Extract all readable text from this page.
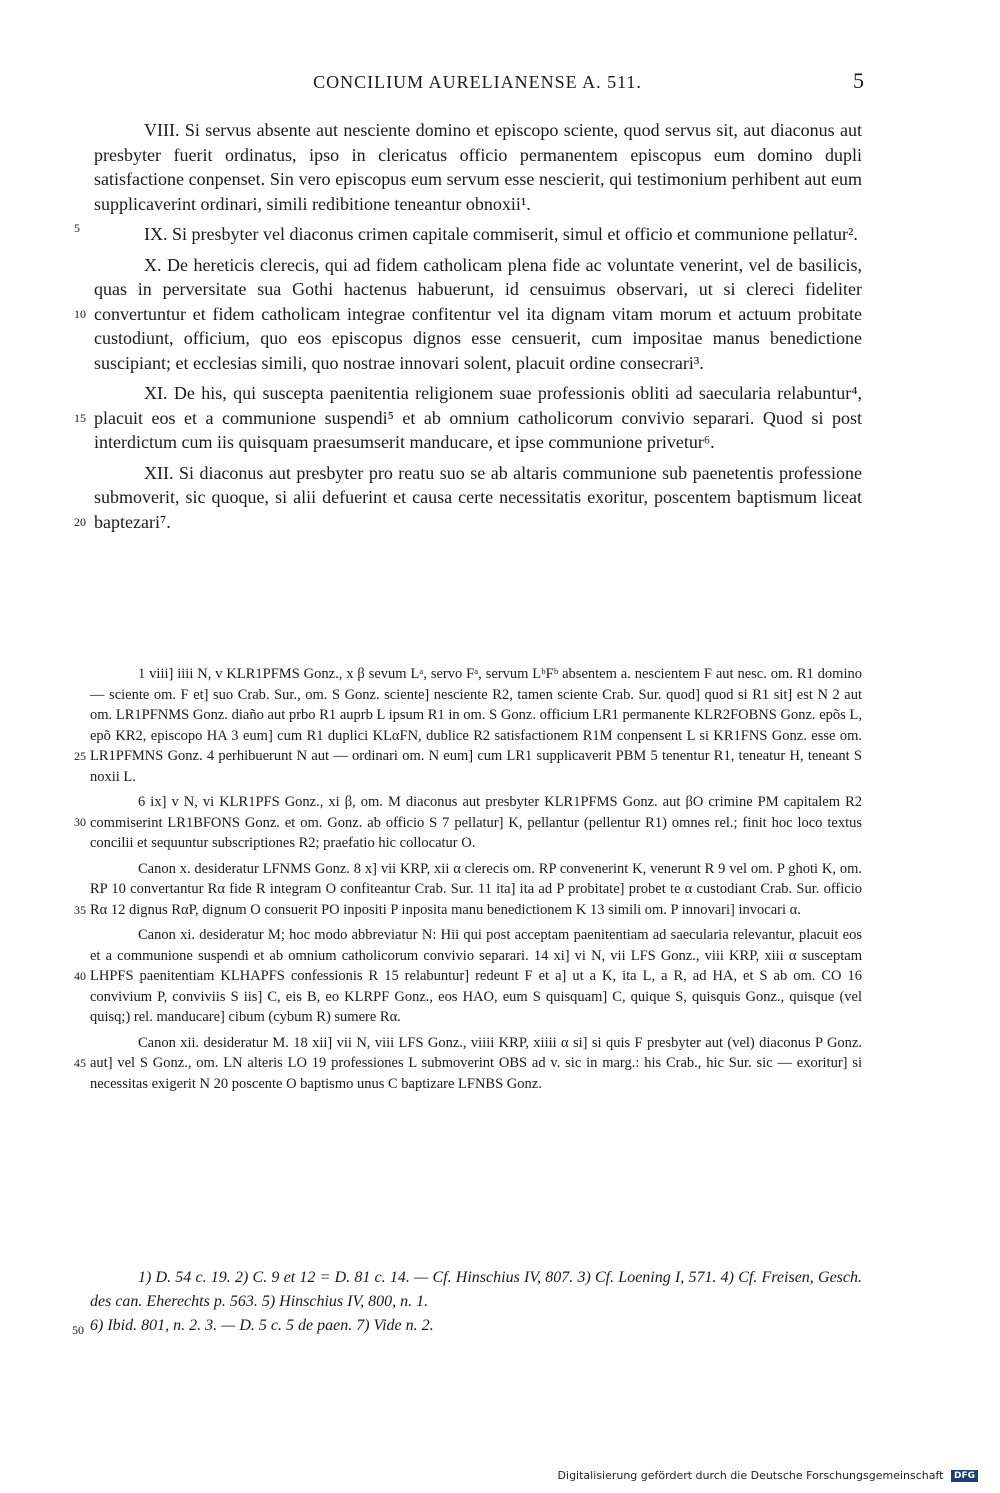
CONCILIUM AURELIANENSE A. 511.	5

5
VIII. Si servus absente aut nesciente domino et episcopo sciente, quod servus sit, aut diaconus aut presbyter fuerit ordinatus, ipso in clericatus officio permanentem episcopus eum domino dupli satisfactione conpenset. Sin vero episcopus eum servum esse nescierit, qui testimonium perhibent aut eum supplicaverint ordinari, simili redibitione teneantur obnoxii¹.

IX. Si presbyter vel diaconus crimen capitale commiserit, simul et officio et communione pellatur².

10
X. De hereticis clerecis, qui ad fidem catholicam plena fide ac voluntate venerint, vel de basilicis, quas in perversitate sua Gothi hactenus habuerunt, id censuimus observari, ut si clereci fideliter convertuntur et fidem catholicam integrae confitentur vel ita dignam vitam morum et actuum probitate custodiunt, officium, quo eos episcopus dignos esse censuerit, cum impositae manus benedictione suscipiant; et ecclesias simili, quo nostrae innovari solent, placuit ordine consecrari³.

15
XI. De his, qui suscepta paenitentia religionem suae professionis obliti ad saecularia relabuntur⁴, placuit eos et a communione suspendi⁵ et ab omnium catholicorum convivio separari. Quod si post interdictum cum iis quisquam praesumserit manducare, et ipse communione privetur⁶.

20
XII. Si diaconus aut presbyter pro reatu suo se ab altaris communione sub paenetentis professione submoverit, sic quoque, si alii defuerint et causa certe necessitatis exoritur, poscentem baptismum liceat baptezari⁷.

25
1 viii] iiii N, v KLR1PFMS Gonz., x β sevum Lᵃ, servo Fᵃ, servum LᵇFᵇ absentem a. nescientem F aut nesc. om. R1 domino — sciente om. F et] suo Crab. Sur., om. S Gonz. sciente] nesciente R2, tamen sciente Crab. Sur. quod] quod si R1 sit] est N 2 aut om. LR1PFNMS Gonz. diaño aut prbo R1 auprb L ipsum R1 in om. S Gonz. officium LR1 permanente KLR2FOBNS Gonz. epõs L, epõ KR2, episcopo HA 3 eum] cum R1 duplici KLαFN, dublice R2 satisfactionem R1M conpensent L si KR1FNS Gonz. esse om. LR1PFMNS Gonz. 4 perhibuerunt N aut — ordinari om. N eum] cum LR1 supplicaverit PBM 5 tenentur R1, teneatur H, teneant S noxii L.

30
6 ix] v N, vi KLR1PFS Gonz., xi β, om. M diaconus aut presbyter KLR1PFMS Gonz. aut βO crimine PM capitalem R2 commiserint LR1BFONS Gonz. et om. Gonz. ab officio S 7 pellatur] K, pellantur (pellentur R1) omnes rel.; finit hoc loco textus concilii et sequuntur subscriptiones R2; praefatio hic collocatur O.

35
Canon x. desideratur LFNMS Gonz. 8 x] vii KRP, xii α clerecis om. RP convenerint K, venerunt R 9 vel om. P ghoti K, om. RP 10 convertantur Rα fide R integram O confiteantur Crab. Sur. 11 ita] ita ad P probitate] probet te α custodiant Crab. Sur. officio Rα 12 dignus RαP, dignum O consuerit PO inpositi P inposita manu benedictionem K 13 simili om. P innovari] invocari α.

40
Canon xi. desideratur M; hoc modo abbreviatur N: Hii qui post acceptam paenitentiam ad saecularia relevantur, placuit eos et a communione suspendi et ab omnium catholicorum convivio separari. 14 xi] vi N, vii LFS Gonz., viii KRP, xiii α susceptam LHPFS paenitentiam KLHAPFS confessionis R 15 relabuntur] redeunt F et a] ut a K, ita L, a R, ad HA, et S ab om. CO 16 convivium P, conviviis S iis] C, eis B, eo KLRPF Gonz., eos HAO, eum S quisquam] C, quique S, quisquis Gonz., quisque (vel quisq;) rel. manducare] cibum (cybum R) sumere Rα.

45
Canon xii. desideratur M. 18 xii] vii N, viii LFS Gonz., viiii KRP, xiiii α si] si quis F presbyter aut (vel) diaconus P Gonz. aut] vel S Gonz., om. LN alteris LO 19 professiones L submoverint OBS ad v. sic in marg.: his Crab., hic Sur. sic — exoritur] si necessitas exigerit N 20 poscente O baptismo unus C baptizare LFNBS Gonz.

1) D. 54 c. 19. 2) C. 9 et 12 = D. 81 c. 14. — Cf. Hinschius IV, 807. 3) Cf. Loening I, 571. 4) Cf. Freisen, Gesch. des can. Eherechts p. 563. 5) Hinschius IV, 800, n. 1.

50 6) Ibid. 801, n. 2. 3. — D. 5 c. 5 de paen. 7) Vide n. 2.

Digitalisierung gefördert durch die Deutsche Forschungsgemeinschaft DFG
